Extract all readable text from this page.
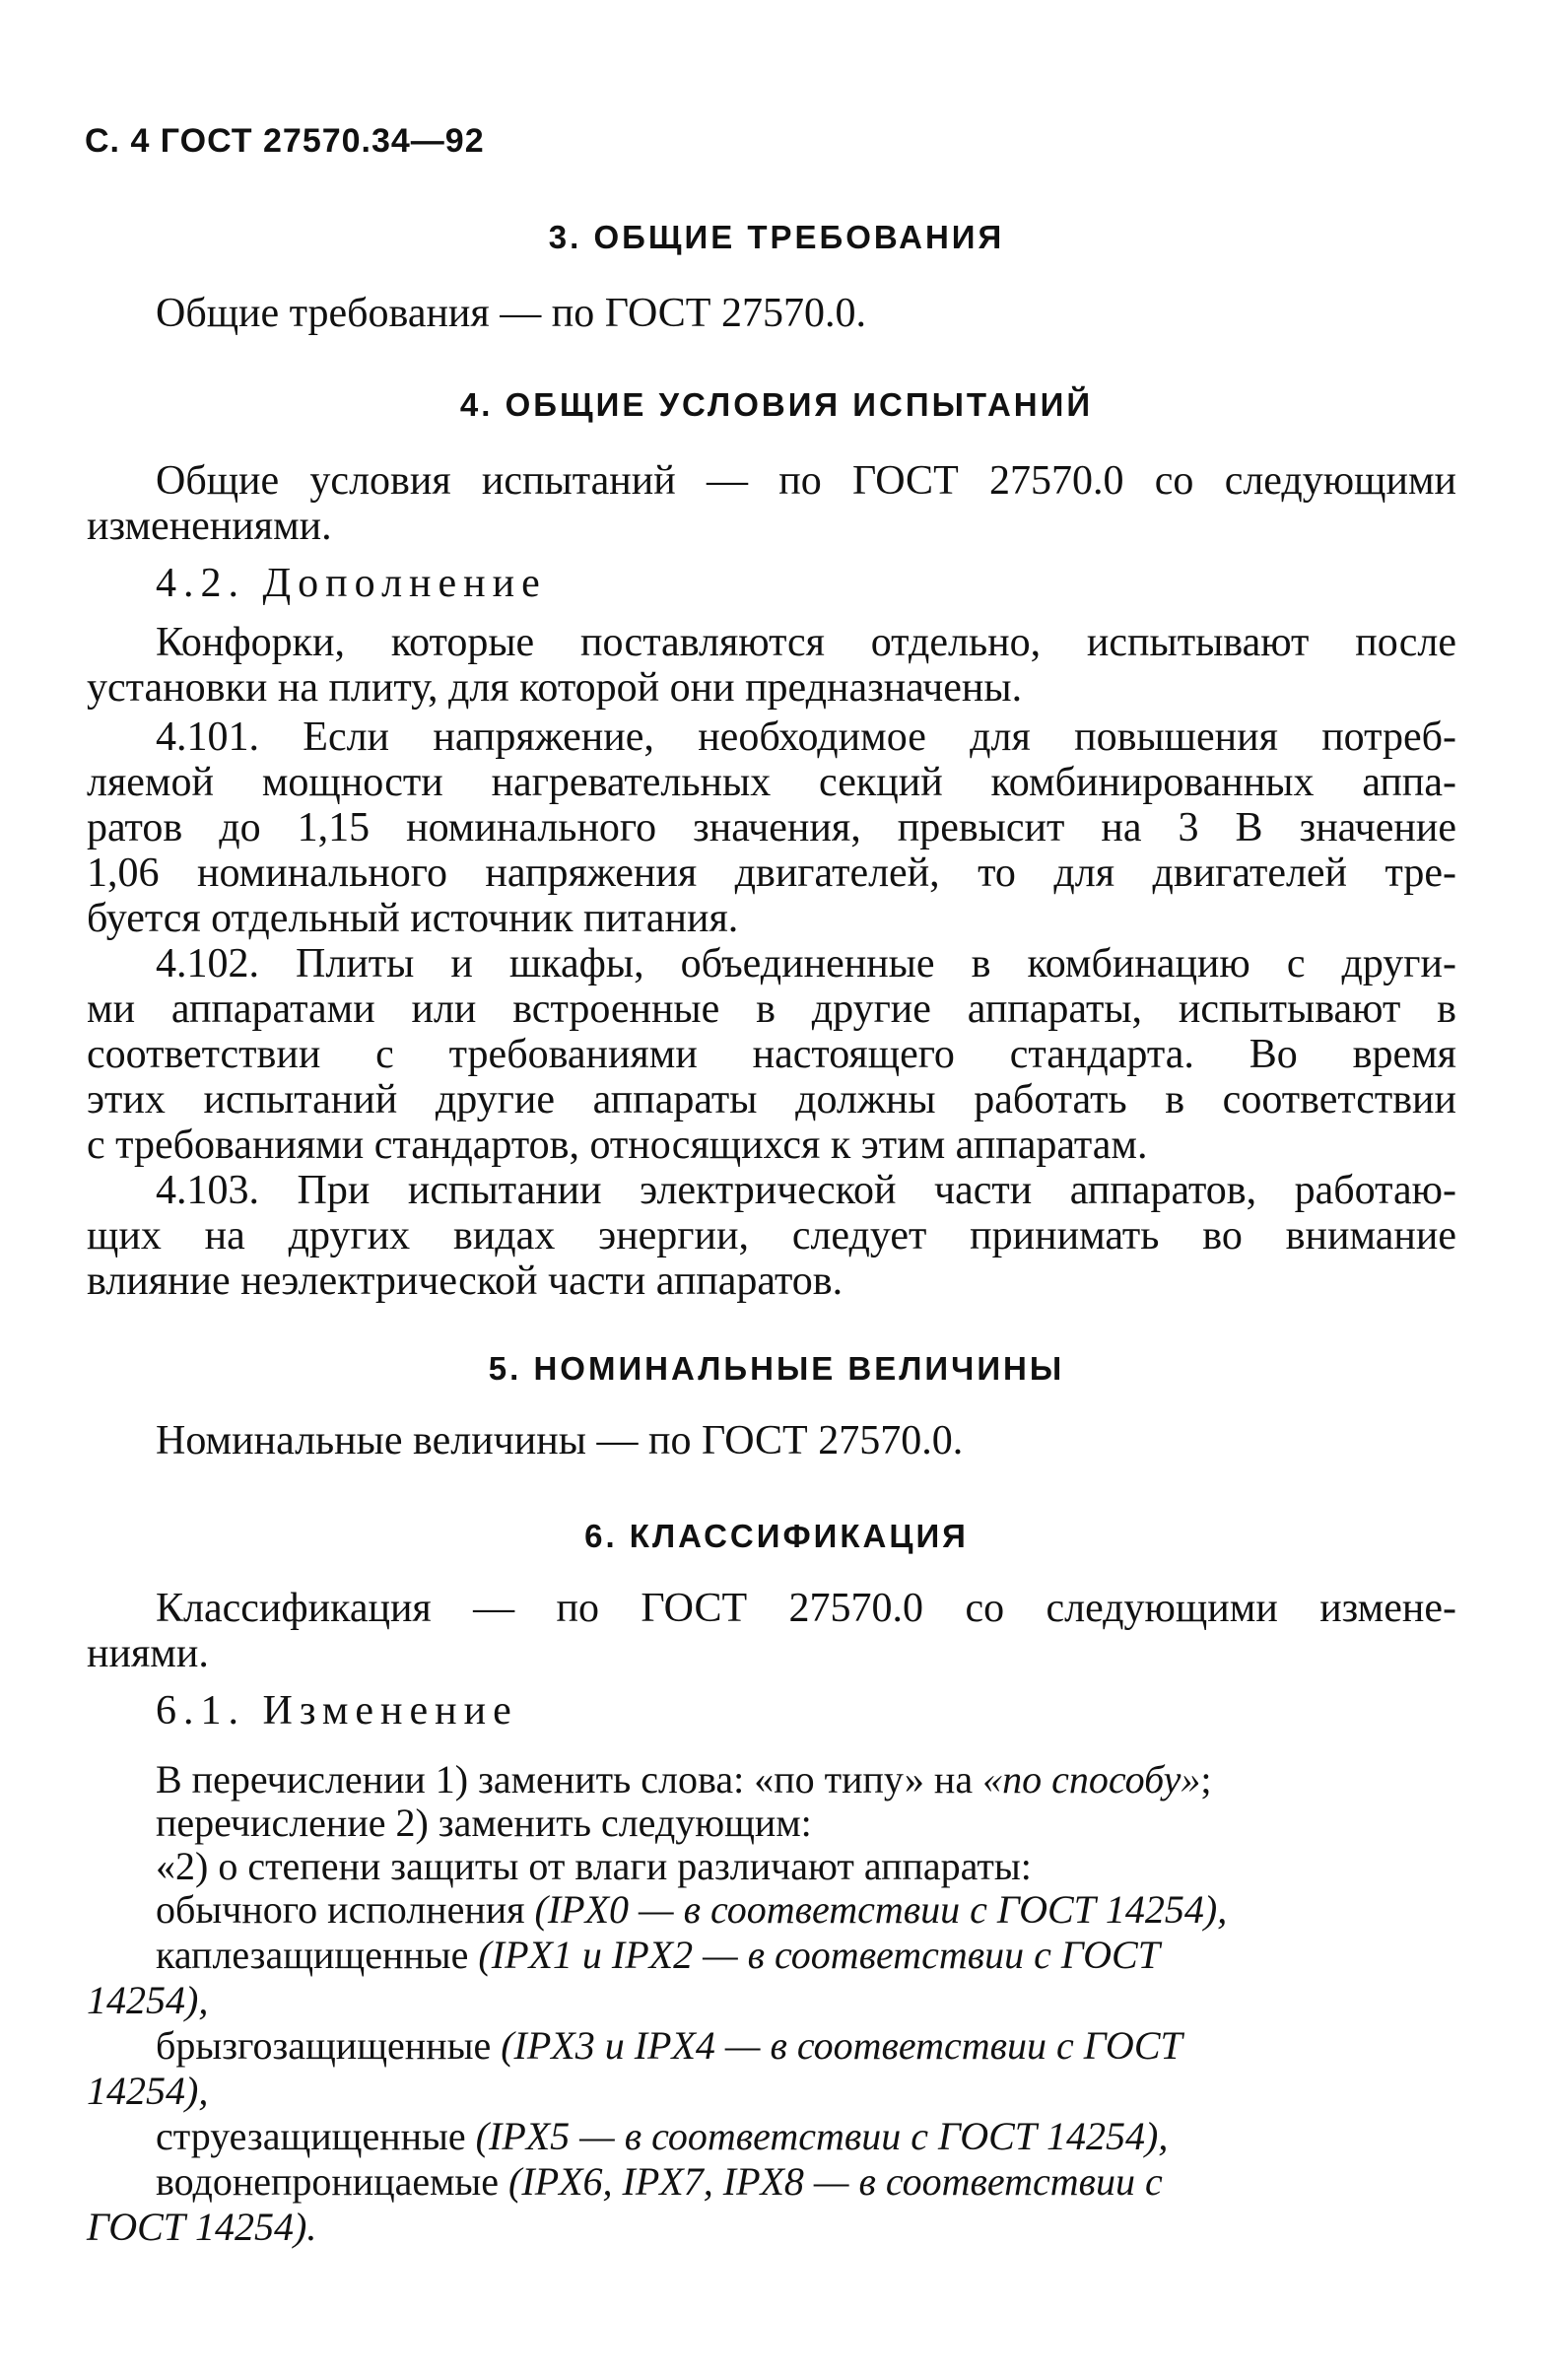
С. 4 ГОСТ 27570.34—92
3. ОБЩИЕ ТРЕБОВАНИЯ
Общие требования — по ГОСТ 27570.0.
4. ОБЩИЕ УСЛОВИЯ ИСПЫТАНИЙ
Общие условия испытаний — по ГОСТ 27570.0 со следующими
изменениями.
4.2. Дополнение
Конфорки, которые поставляются отдельно, испытывают после
установки на плиту, для которой они предназначены.
4.101. Если напряжение, необходимое для повышения потреб-
ляемой мощности нагревательных секций комбинированных аппа-
ратов до 1,15 номинального значения, превысит на 3 В значение
1,06 номинального напряжения двигателей, то для двигателей тре-
буется отдельный источник питания.
4.102. Плиты и шкафы, объединенные в комбинацию с други-
ми аппаратами или встроенные в другие аппараты, испытывают в
соответствии с требованиями настоящего стандарта. Во время
этих испытаний другие аппараты должны работать в соответствии
с требованиями стандартов, относящихся к этим аппаратам.
4.103. При испытании электрической части аппаратов, работаю-
щих на других видах энергии, следует принимать во внимание
влияние неэлектрической части аппаратов.
5. НОМИНАЛЬНЫЕ ВЕЛИЧИНЫ
Номинальные величины — по ГОСТ 27570.0.
6. КЛАССИФИКАЦИЯ
Классификация — по ГОСТ 27570.0 со следующими измене-
ниями.
6.1. Изменение
В перечислении 1) заменить слова: «по типу» на «по способу»;
перечисление 2) заменить следующим:
«2) о степени защиты от влаги различают аппараты:
обычного исполнения (IPX0 — в соответствии с ГОСТ 14254),
каплезащищенные (IPX1 и IPX2 — в соответствии с ГОСТ
14254),
брызгозащищенные (IPX3 и IPX4 — в соответствии с ГОСТ
14254),
струезащищенные (IPX5 — в соответствии с ГОСТ 14254),
водонепроницаемые (IPX6, IPX7, IPX8 — в соответствии с
ГОСТ 14254).
